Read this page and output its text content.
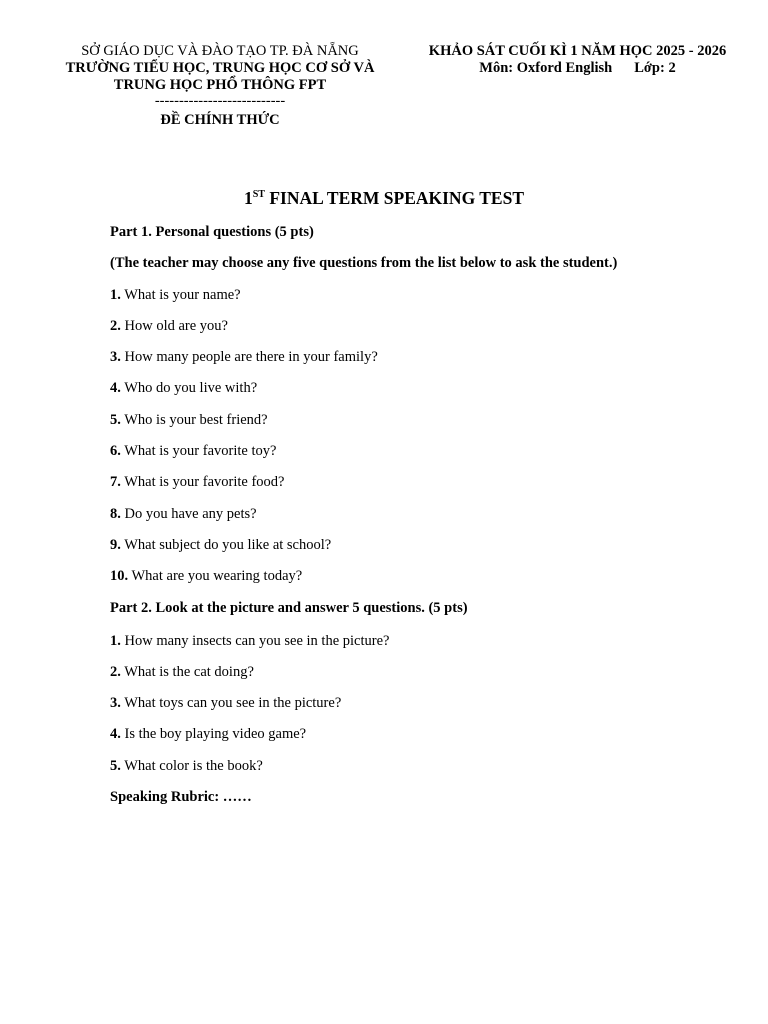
SỞ GIÁO DỤC VÀ ĐÀO TẠO TP. ĐÀ NẴNG
TRƯỜNG TIỂU HỌC, TRUNG HỌC CƠ SỞ VÀ
TRUNG HỌC PHỔ THÔNG FPT
---------------------------
ĐỀ CHÍNH THỨC
KHẢO SÁT CUỐI KÌ 1 NĂM HỌC 2025 - 2026
Môn: Oxford English Lớp: 2
1ST FINAL TERM SPEAKING TEST
Part 1. Personal questions (5 pts)
(The teacher may choose any five questions from the list below to ask the student.)
1. What is your name?
2. How old are you?
3. How many people are there in your family?
4. Who do you live with?
5. Who is your best friend?
6. What is your favorite toy?
7. What is your favorite food?
8. Do you have any pets?
9. What subject do you like at school?
10. What are you wearing today?
Part 2. Look at the picture and answer 5 questions. (5 pts)
1. How many insects can you see in the picture?
2. What is the cat doing?
3. What toys can you see in the picture?
4. Is the boy playing video game?
5. What color is the book?
Speaking Rubric: ……
